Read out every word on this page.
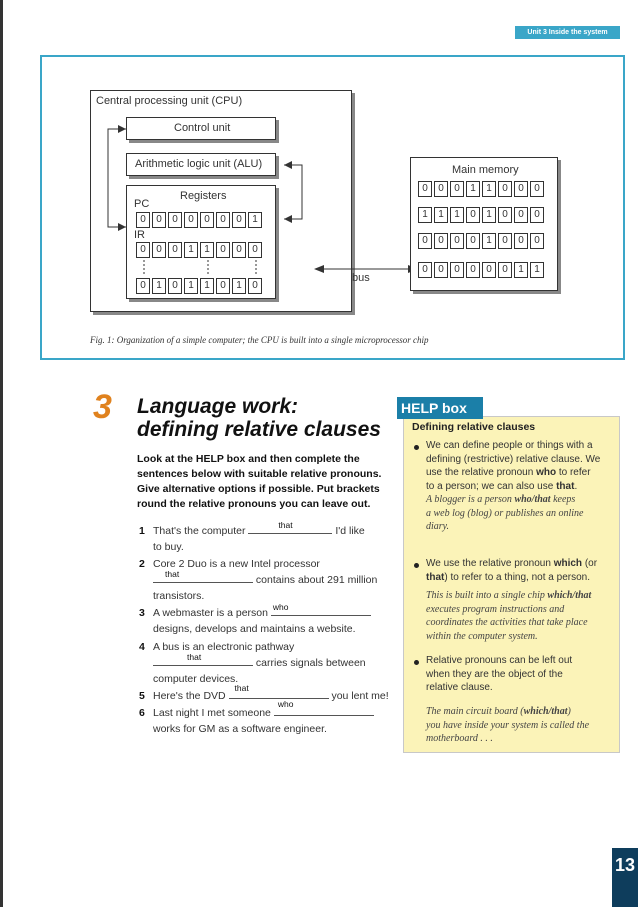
Unit 3 Inside the system
Central processing unit (CPU)
Control unit
Arithmetic logic unit (ALU)
Registers
PC
0	0	0	0	0	0	0	1
IR
0	0	0	1	1	0	0	0
0	1	0	1	1	0	1	0
bus
Main memory
0	0	0	1	1	0	0	0
1	1	1	0	1	0	0	0
0	0	0	0	1	0	0	0
0	0	0	0	0	0	1	1
Fig. 1: Organization of a simple computer; the CPU is built into a single microprocessor chip
3 Language work:
defining relative clauses
Look at the HELP box and then complete the sentences below with suitable relative pronouns. Give alternative options if possible. Put brackets round the relative pronouns you can leave out.
1 That's the computer	that	I'd like
to buy.
2 Core 2 Duo is a new Intel processor

that	contains about 291 million
transistors.
3 A webmaster is a person who

designs, develops and maintains a website.
4 A bus is an electronic pathway

that	carries signals between
computer devices.
5 Here's the DVD
that
you lent me!
6 Last night I met someone
who

works for GM as a software engineer.
HELP box
Defining relative clauses
We can define people or things with a
defining (restrictive) relative clause. We
use the relative pronoun who to refer
to a person; we can also use that.
A blogger is a person who/that keeps
a web log (blog) or publishes an online
diary.
We use the relative pronoun which (or
that) to refer to a thing, not a person.
This is built into a single chip which/that
executes program instructions and
coordinates the activities that take place
within the computer system.
Relative pronouns can be left out
when they are the object of the
relative clause.
The main circuit board (which/that)
you have inside your system is called the
motherboard . . .
13
